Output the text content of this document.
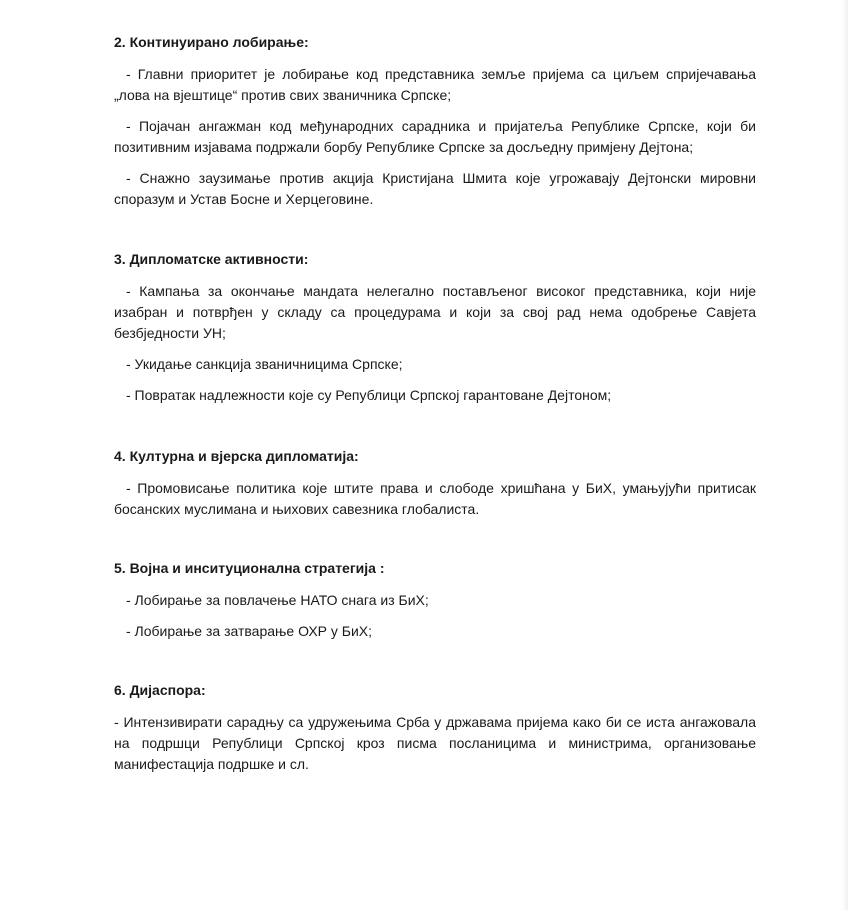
2. Континуирано лобирање:

- Главни приоритет је лобирање код представника земље пријема са циљем спријечавања „лова на вјештице“ против свих званичника Српске;

- Појачан ангажман код међународних сарадника и пријатеља Републике Српске, који би позитивним изјавама подржали борбу Републике Српске за досљедну примјену Дејтона;

- Снажно заузимање против акција Кристијана Шмита које угрожавају Дејтонски мировни споразум и Устав Босне и Херцеговине.

3. Дипломатске активности:

- Кампања за окончање мандата нелегално постављеног високог представника, који није изабран и потврђен у складу са процедурама и који за свој рад нема одобрење Савјета безбједности УН;

- Укидање санкција званичницима Српске;

- Повратак надлежности које су Републици Српској гарантоване Дејтоном;

4. Културна и вјерска дипломатија:

- Промовисање политика које штите права и слободе хришћана у БиХ, умањујући притисак босанских муслимана и њихових савезника глобалиста.

5. Војна и инситуционална стратегија :

- Лобирање за повлачење НАТО снага из БиХ;

- Лобирање за затварање ОХР у БиХ;

6. Дијаспора:

- Интензивирати сарадњу са удружењима Срба у државама пријема како би се иста ангажовала на подршци Републици Српској кроз писма посланицима и министрима, организовање манифестација подршке и сл.
